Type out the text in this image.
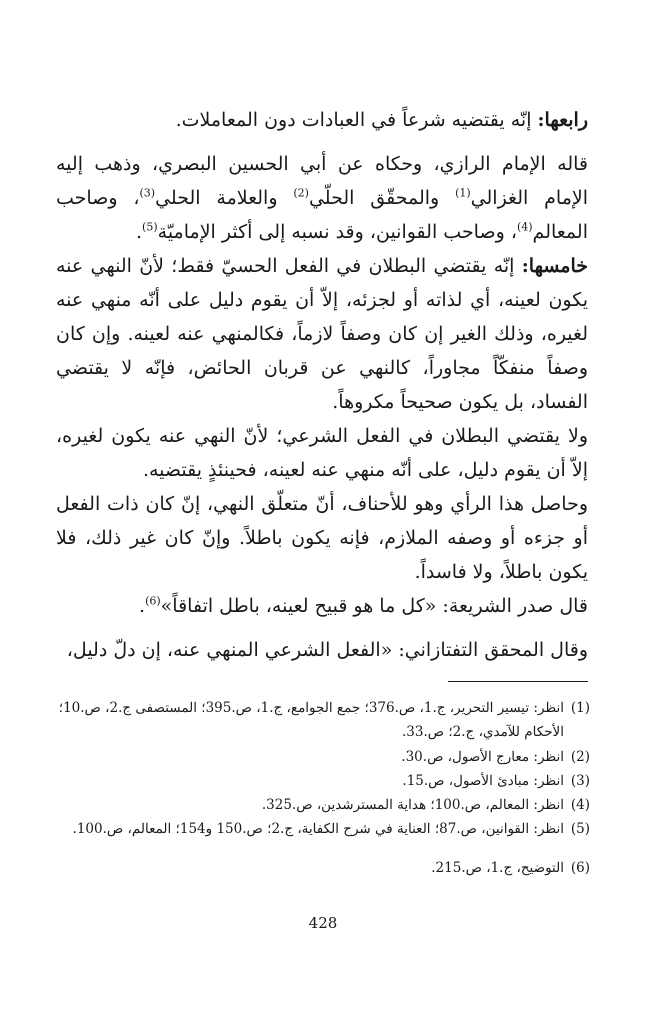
رابعها: إنّه يقتضيه شرعاً في العبادات دون المعاملات.

قاله الإمام الرازي، وحكاه عن أبي الحسين البصري، وذهب إليه الإمام الغزالي$^{(1)}$ والمحقّق الحلّي$^{(2)}$ والعلامة الحلي$^{(3)}$، وصاحب المعالم$^{(4)}$، وصاحب القوانين، وقد نسبه إلى أكثر الإماميّة$^{(5)}$.

خامسها: إنّه يقتضي البطلان في الفعل الحسيّ فقط؛ لأنّ النهي عنه يكون لعينه، أي لذاته أو لجزئه، إلاّ أن يقوم دليل على أنّه منهي عنه لغيره، وذلك الغير إن كان وصفاً لازماً، فكالمنهي عنه لعينه. وإن كان وصفاً منفكّاً مجاوراً، كالنهي عن قربان الحائض، فإنّه لا يقتضي الفساد، بل يكون صحيحاً مكروهاً.

ولا يقتضي البطلان في الفعل الشرعي؛ لأنّ النهي عنه يكون لغيره، إلاّ أن يقوم دليل، على أنّه منهي عنه لعينه، فحينئذٍ يقتضيه.

وحاصل هذا الرأي وهو للأحناف، أنّ متعلّق النهي، إنّ كان ذات الفعل أو جزءه أو وصفه الملازم، فإنه يكون باطلاً. وإنّ كان غير ذلك، فلا يكون باطلاً، ولا فاسداً.

قال صدر الشريعة: «كل ما هو قبيح لعينه، باطل اتفاقاً»$^{(6)}$.

وقال المحقق التفتازاني: «الفعل الشرعي المنهي عنه، إن دلّ دليل،

(1)
انظر: تيسير التحرير، ج.1، ص.376؛ جمع الجوامع، ج.1، ص.395؛ المستصفى ج.2، ص.10؛ الأحكام للآمدي، ج.2؛ ص.33.
(2)
انظر: معارج الأصول، ص.30.
(3)
انظر: مبادئ الأصول، ص.15.
(4)
انظر: المعالم، ص.100؛ هداية المسترشدين، ص.325.
(5)
انظر: القوانين، ص.87؛ العناية في شرح الكفاية، ج.2؛ ص.150 و154؛ المعالم، ص.100.
(6)
التوضيح، ج.1، ص.215.
428
